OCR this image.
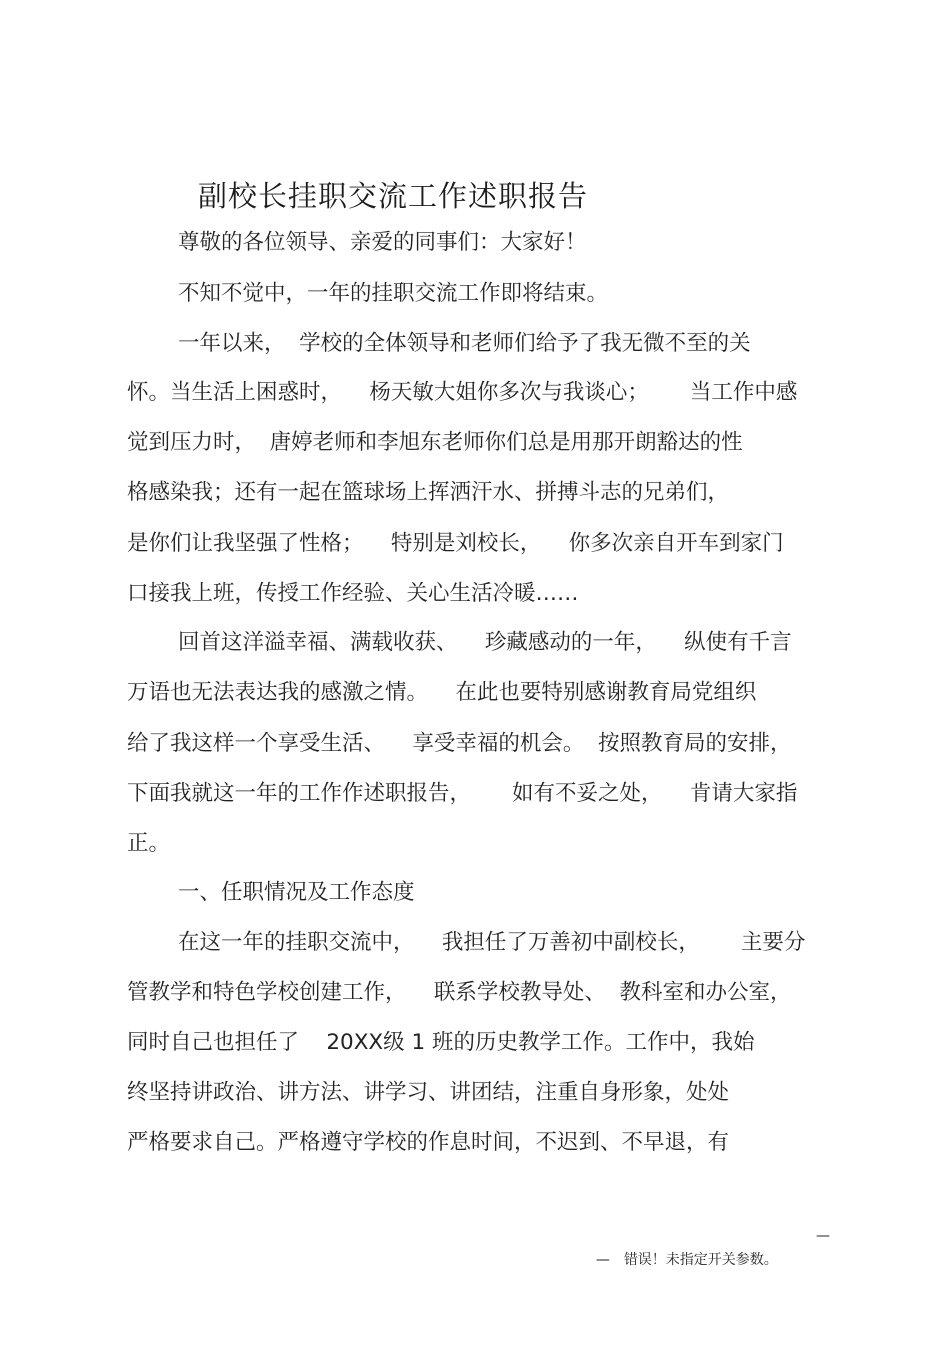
副校长挂职交流工作述职报告
尊敬的各位领导、亲爱的同事们：大家好！
不知不觉中，一年的挂职交流工作即将结束。
一年以来，  学校的全体领导和老师们给予了我无微不至的关
怀。当生活上困惑时，    杨天敏大姐你多次与我谈心；      当工作中感
觉到压力时，  唐婷老师和李旭东老师你们总是用那开朗豁达的性
格感染我；还有一起在篮球场上挥洒汗水、拼搏斗志的兄弟们，
是你们让我坚强了性格；    特别是刘校长，    你多次亲自开车到家门
口接我上班，传授工作经验、关心生活冷暖……
回首这洋溢幸福、满载收获、    珍藏感动的一年，    纵使有千言
万语也无法表达我的感激之情。    在此也要特别感谢教育局党组织
给了我这样一个享受生活、    享受幸福的机会。  按照教育局的安排，
下面我就这一年的工作作述职报告，      如有不妥之处，    肯请大家指
正。
一、任职情况及工作态度
在这一年的挂职交流中，    我担任了万善初中副校长，      主要分
管教学和特色学校创建工作，    联系学校教导处、  教科室和办公室，
同时自己也担任了    20XX级 1 班的历史教学工作。工作中，我始
终坚持讲政治、讲方法、讲学习、讲团结，注重自身形象，处处
严格要求自己。严格遵守学校的作息时间，不迟到、不早退，有

— 错误！未指定开关参数。
—
